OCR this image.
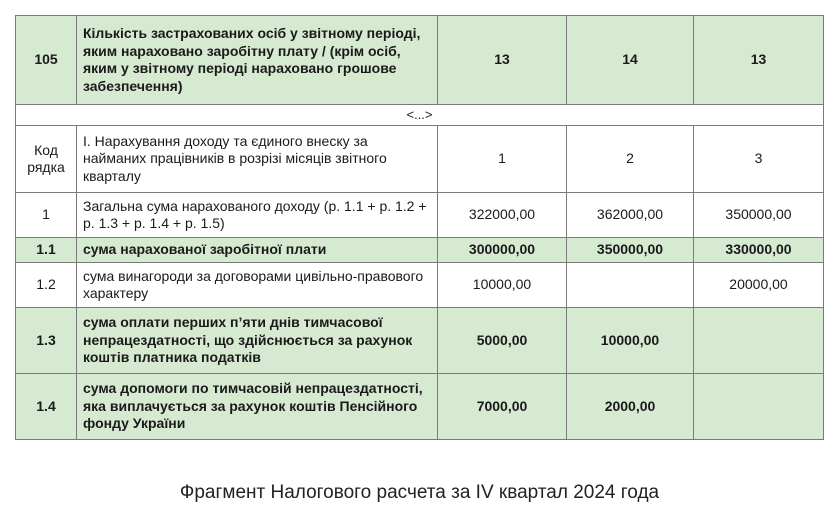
105	Кількість застрахованих осіб у звітному періоді, яким нараховано заробітну плату / (крім осіб, яким у звітному періоді нараховано грошове забезпечення)	13	14	13
<...>				
Код рядка	I. Нарахування доходу та єдиного внеску за найманих працівників в розрізі місяців звітного кварталу	1	2	3
1	Загальна сума нарахованого доходу (р. 1.1 + р. 1.2 + р. 1.3 + р. 1.4 + р. 1.5)	322000,00	362000,00	350000,00
1.1	сума нарахованої заробітної плати	300000,00	350000,00	330000,00
1.2	сума винагороди за договорами цивільно-правового характеру	10000,00		20000,00
1.3	сума оплати перших п’яти днів тимчасової непрацездатності, що здійснюється за рахунок коштів платника податків	5000,00	10000,00	
1.4	сума допомоги по тимчасовій непрацездатності, яка виплачується за рахунок коштів Пенсійного фонду України	7000,00	2000,00	
Фрагмент Налогового расчета за IV квартал 2024 года
